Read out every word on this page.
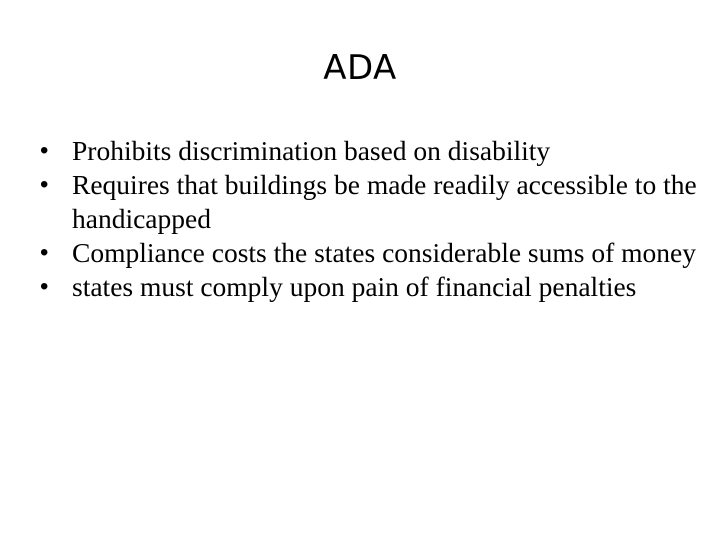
ADA
• Prohibits discrimination based on disability
• Requires that buildings be made readily accessible to the handicapped
• Compliance costs the states considerable sums of money
• states must comply upon pain of financial penalties
